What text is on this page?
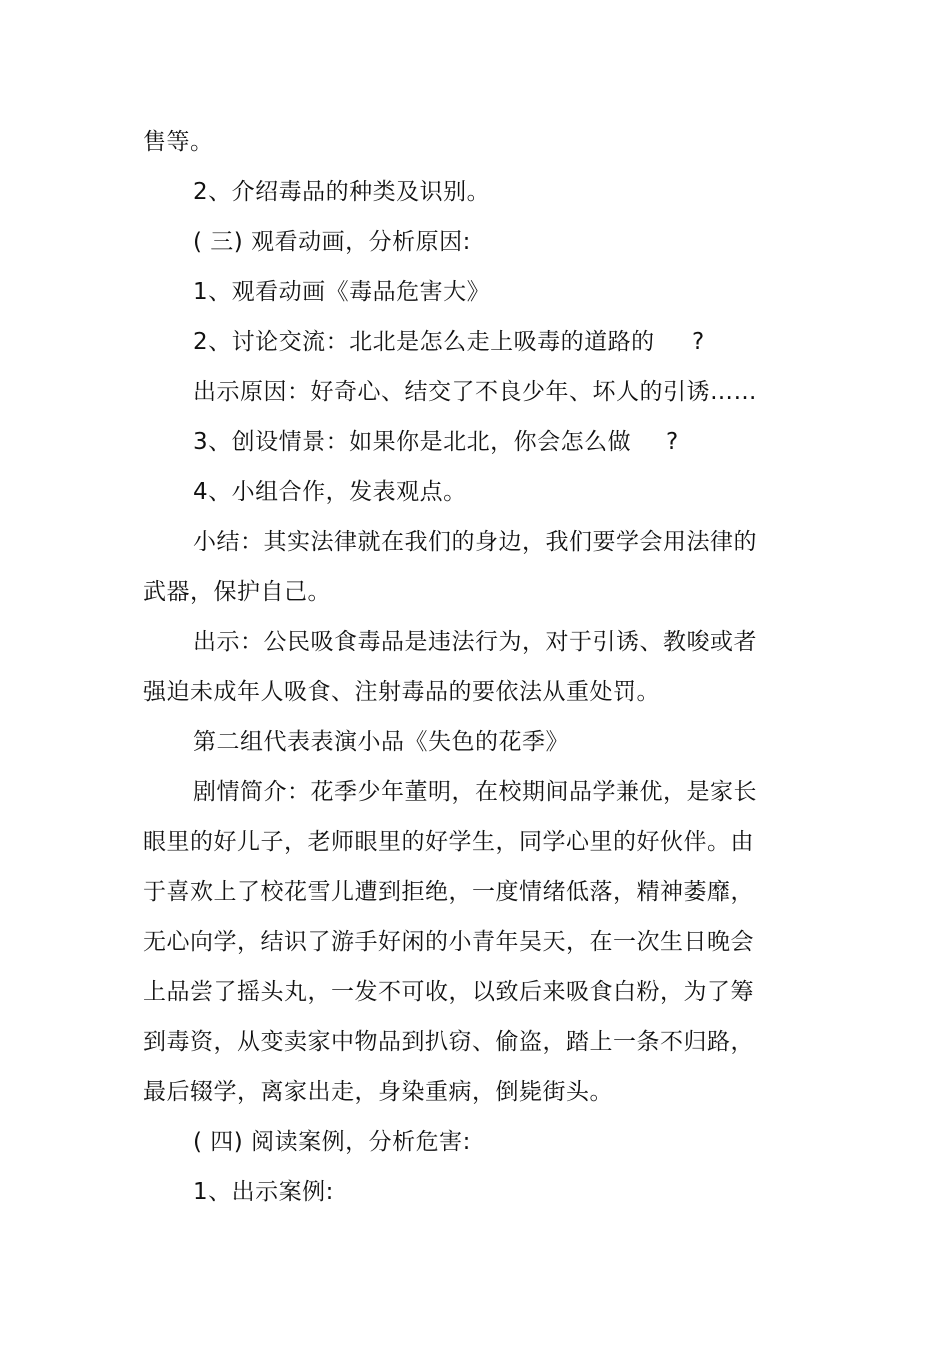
售等。
2、介绍毒品的种类及识别。
( 三) 观看动画，分析原因:
1、观看动画《毒品危害大》
2、讨论交流：北北是怎么走上吸毒的道路的	?
出示原因：好奇心、结交了不良少年、坏人的引诱……
3、创设情景：如果你是北北，你会怎么做 ?
4、小组合作，发表观点。
小结：其实法律就在我们的身边，我们要学会用法律的
武器，保护自己。
出示：公民吸食毒品是违法行为，对于引诱、教唆或者
强迫未成年人吸食、注射毒品的要依法从重处罚。
第二组代表表演小品《失色的花季》
剧情简介：花季少年董明，在校期间品学兼优，是家长
眼里的好儿子，老师眼里的好学生，同学心里的好伙伴。由
于喜欢上了校花雪儿遭到拒绝，一度情绪低落，精神萎靡，
无心向学，结识了游手好闲的小青年吴天，在一次生日晚会
上品尝了摇头丸，一发不可收，以致后来吸食白粉，为了筹
到毒资，从变卖家中物品到扒窃、偷盗，踏上一条不归路，
最后辍学，离家出走，身染重病，倒毙街头。
( 四) 阅读案例，分析危害:
1、出示案例:
